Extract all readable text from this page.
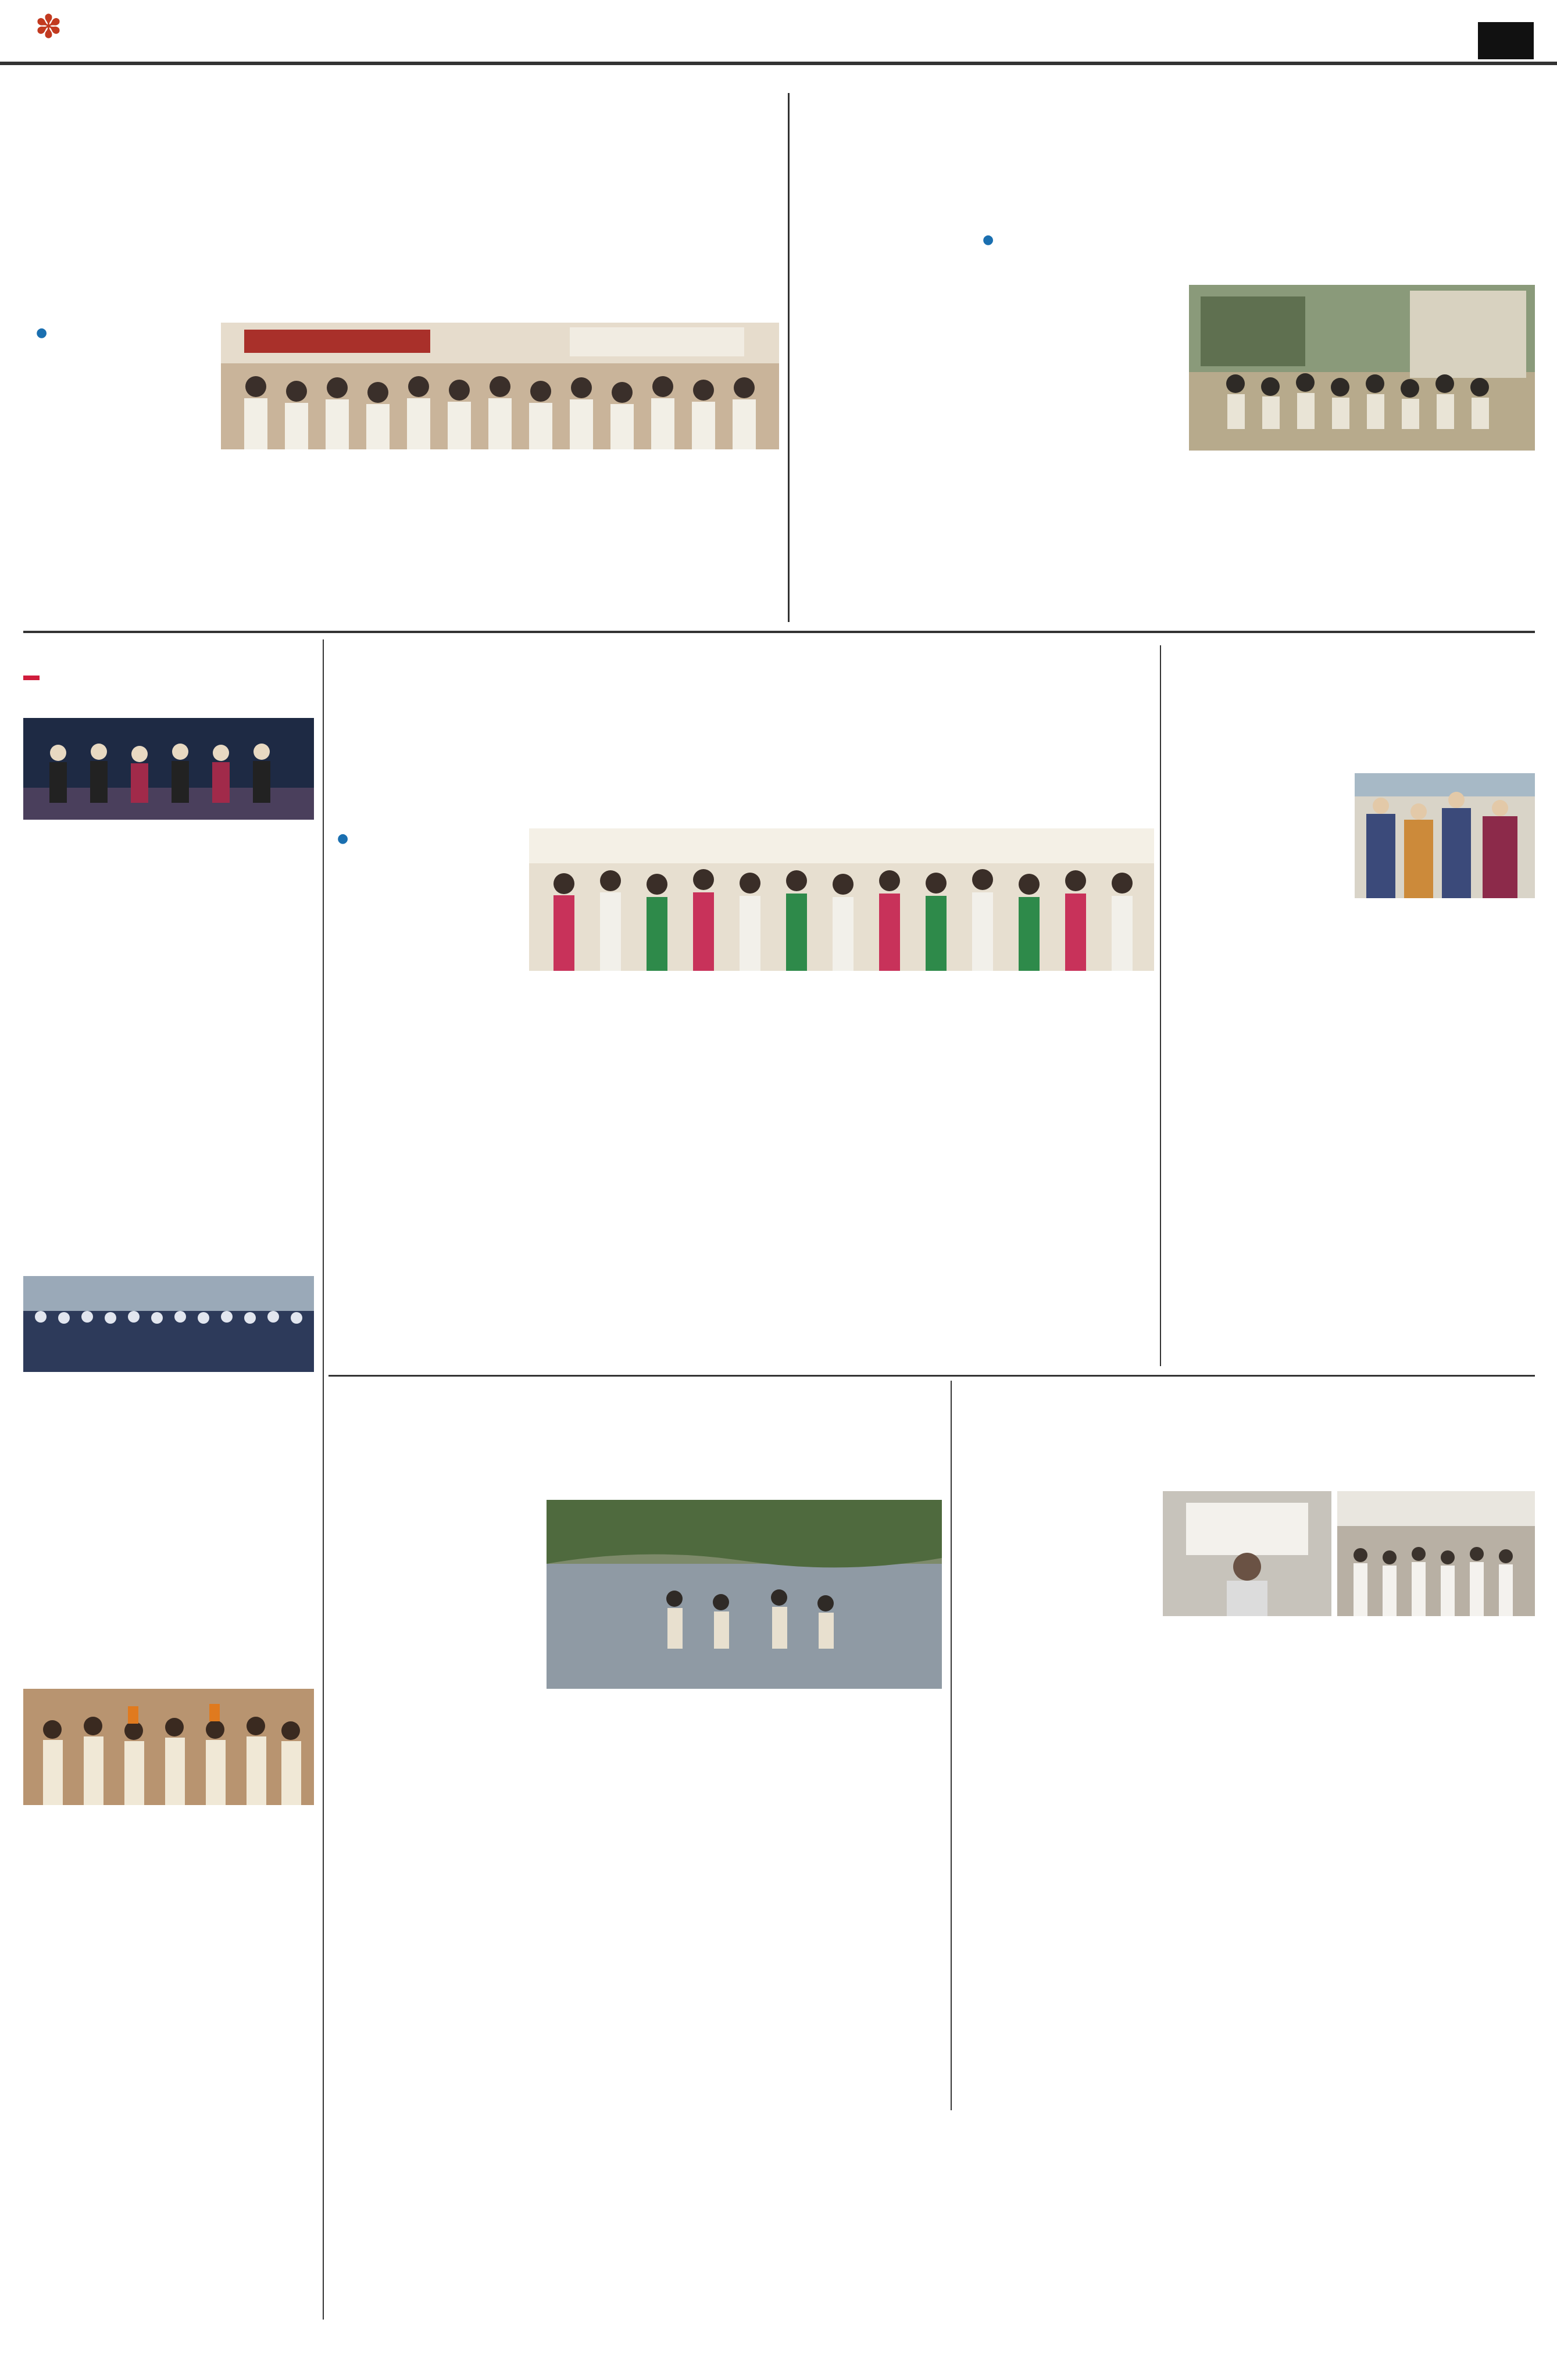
✽
●
●
●
